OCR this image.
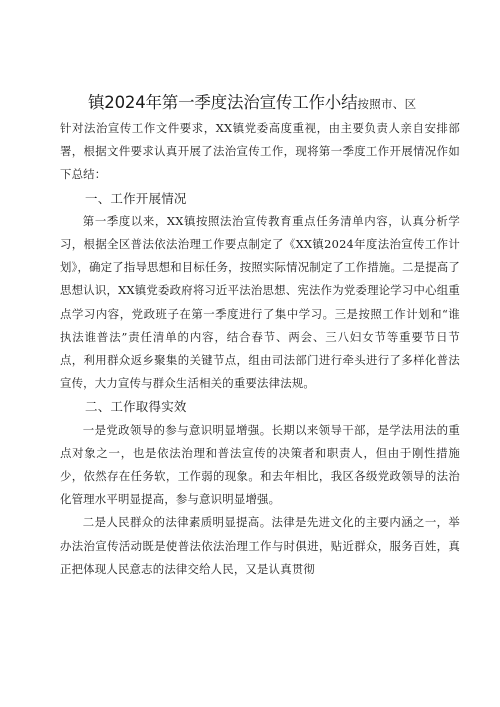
镇2024年第一季度法治宣传工作小结按照市、区

针对法治宣传工作文件要求，XX镇党委高度重视，由主要负责人亲自安排部署，根据文件要求认真开展了法治宣传工作，现将第一季度工作开展情况作如下总结：

一、工作开展情况

第一季度以来，XX镇按照法治宣传教育重点任务清单内容，认真分析学习，根据全区普法依法治理工作要点制定了《XX镇2024年度法治宣传工作计划》，确定了指导思想和目标任务，按照实际情况制定了工作措施。二是提高了思想认识，XX镇党委政府将习近平法治思想、宪法作为党委理论学习中心组重点学习内容，党政班子在第一季度进行了集中学习。三是按照工作计划和“谁执法谁普法”责任清单的内容，结合春节、两会、三八妇女节等重要节日节点，利用群众返乡聚集的关键节点，组由司法部门进行牵头进行了多样化普法宣传，大力宣传与群众生活相关的重要法律法规。

二、工作取得实效

一是党政领导的参与意识明显增强。长期以来领导干部，是学法用法的重点对象之一，也是依法治理和普法宣传的决策者和职责人，但由于刚性措施少，依然存在任务软，工作弱的现象。和去年相比，我区各级党政领导的法治化管理水平明显提高，参与意识明显增强。

二是人民群众的法律素质明显提高。法律是先进文化的主要内涵之一，举办法治宣传活动既是使普法依法治理工作与时俱进，贴近群众，服务百姓，真正把体现人民意志的法律交给人民，又是认真贯彻
